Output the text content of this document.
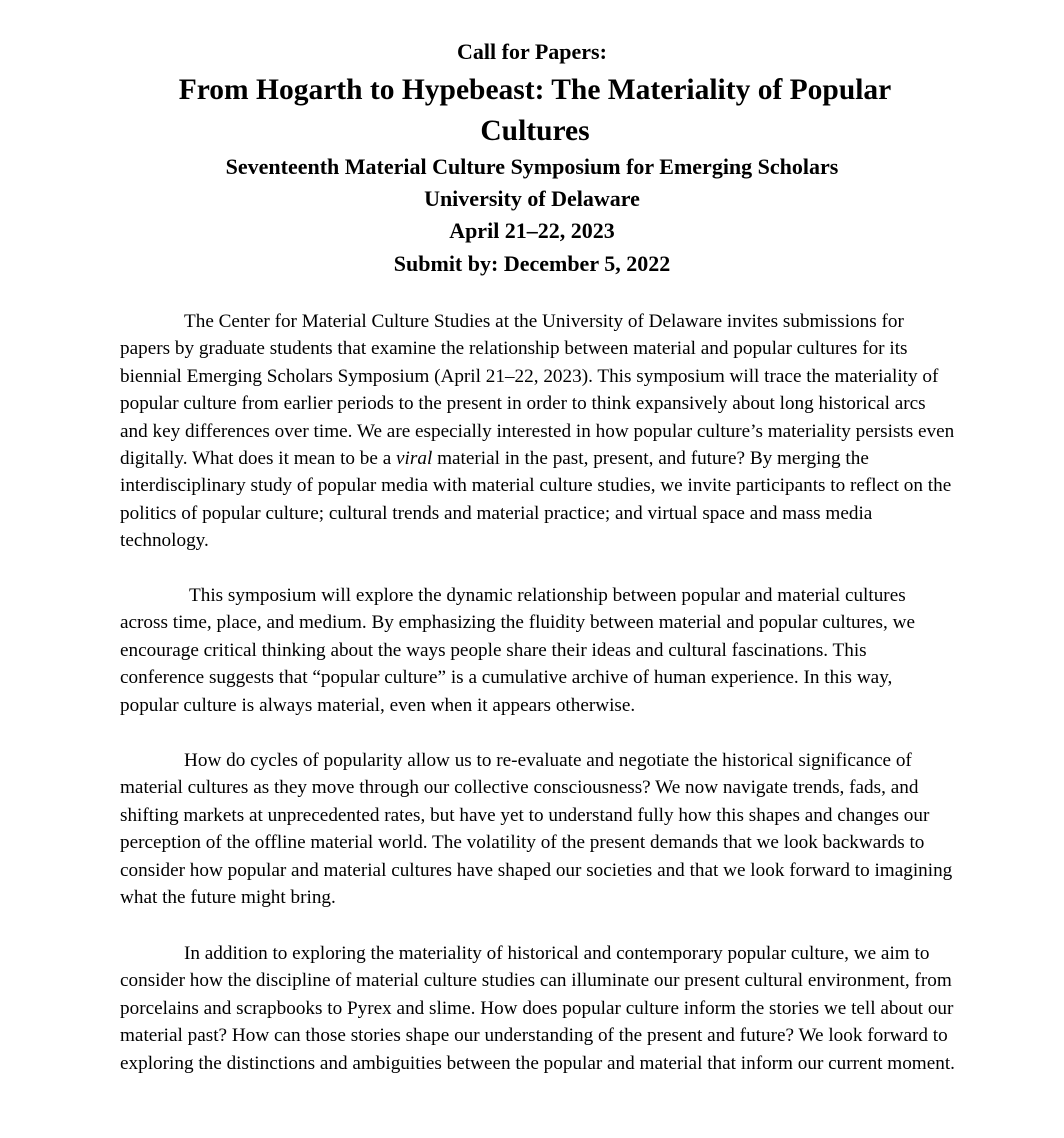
Call for Papers:
From Hogarth to Hypebeast: The Materiality of Popular Cultures
Seventeenth Material Culture Symposium for Emerging Scholars
University of Delaware
April 21–22, 2023
Submit by: December 5, 2022

The Center for Material Culture Studies at the University of Delaware invites submissions for papers by graduate students that examine the relationship between material and popular cultures for its biennial Emerging Scholars Symposium (April 21–22, 2023). This symposium will trace the materiality of popular culture from earlier periods to the present in order to think expansively about long historical arcs and key differences over time. We are especially interested in how popular culture’s materiality persists even digitally. What does it mean to be a viral material in the past, present, and future? By merging the interdisciplinary study of popular media with material culture studies, we invite participants to reflect on the politics of popular culture; cultural trends and material practice; and virtual space and mass media technology.

This symposium will explore the dynamic relationship between popular and material cultures across time, place, and medium. By emphasizing the fluidity between material and popular cultures, we encourage critical thinking about the ways people share their ideas and cultural fascinations. This conference suggests that “popular culture” is a cumulative archive of human experience. In this way, popular culture is always material, even when it appears otherwise.

How do cycles of popularity allow us to re-evaluate and negotiate the historical significance of material cultures as they move through our collective consciousness? We now navigate trends, fads, and shifting markets at unprecedented rates, but have yet to understand fully how this shapes and changes our perception of the offline material world. The volatility of the present demands that we look backwards to consider how popular and material cultures have shaped our societies and that we look forward to imagining what the future might bring.

In addition to exploring the materiality of historical and contemporary popular culture, we aim to consider how the discipline of material culture studies can illuminate our present cultural environment, from porcelains and scrapbooks to Pyrex and slime. How does popular culture inform the stories we tell about our material past? How can those stories shape our understanding of the present and future? We look forward to exploring the distinctions and ambiguities between the popular and material that inform our current moment.
